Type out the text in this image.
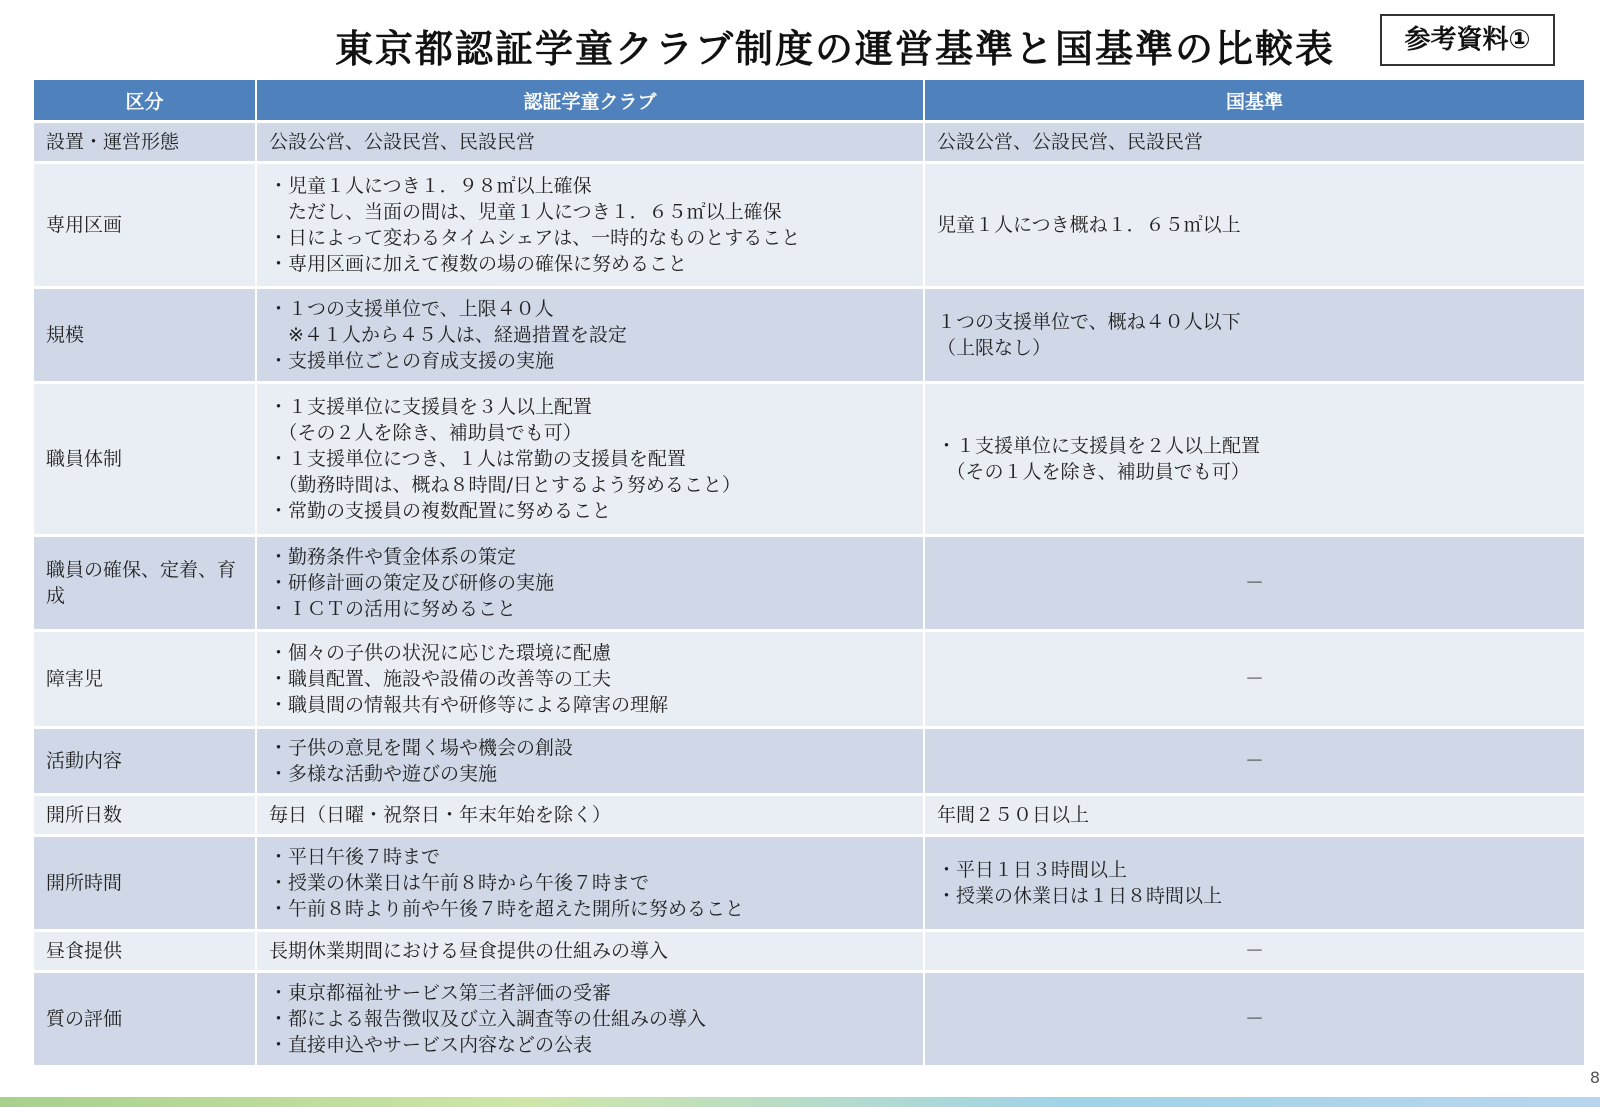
東京都認証学童クラブ制度の運営基準と国基準の比較表	参考資料①
区分	認証学童クラブ	国基準
設置・運営形態	公設公営、公設民営、民設民営	公設公営、公設民営、民設民営
専用区画	・児童１人につき１．９８㎡以上確保
　ただし、当面の間は、児童１人につき１．６５㎡以上確保
・日によって変わるタイムシェアは、一時的なものとすること
・専用区画に加えて複数の場の確保に努めること	児童１人につき概ね１．６５㎡以上
規模	・１つの支援単位で、上限４０人
　※４１人から４５人は、経過措置を設定
・支援単位ごとの育成支援の実施	１つの支援単位で、概ね４０人以下
（上限なし）
職員体制	・１支援単位に支援員を３人以上配置
　（その２人を除き、補助員でも可）
・１支援単位につき、１人は常勤の支援員を配置
　（勤務時間は、概ね８時間/日とするよう努めること）
・常勤の支援員の複数配置に努めること	・１支援単位に支援員を２人以上配置
　（その１人を除き、補助員でも可）
職員の確保、定着、育成	・勤務条件や賃金体系の策定
・研修計画の策定及び研修の実施
・ＩＣＴの活用に努めること	－
障害児	・個々の子供の状況に応じた環境に配慮
・職員配置、施設や設備の改善等の工夫
・職員間の情報共有や研修等による障害の理解	－
活動内容	・子供の意見を聞く場や機会の創設
・多様な活動や遊びの実施	－
開所日数	毎日（日曜・祝祭日・年末年始を除く）	年間２５０日以上
開所時間	・平日午後７時まで
・授業の休業日は午前８時から午後７時まで
・午前８時より前や午後７時を超えた開所に努めること	・平日１日３時間以上
・授業の休業日は１日８時間以上
昼食提供	長期休業期間における昼食提供の仕組みの導入	－
質の評価	・東京都福祉サービス第三者評価の受審
・都による報告徴収及び立入調査等の仕組みの導入
・直接申込やサービス内容などの公表	－
8
